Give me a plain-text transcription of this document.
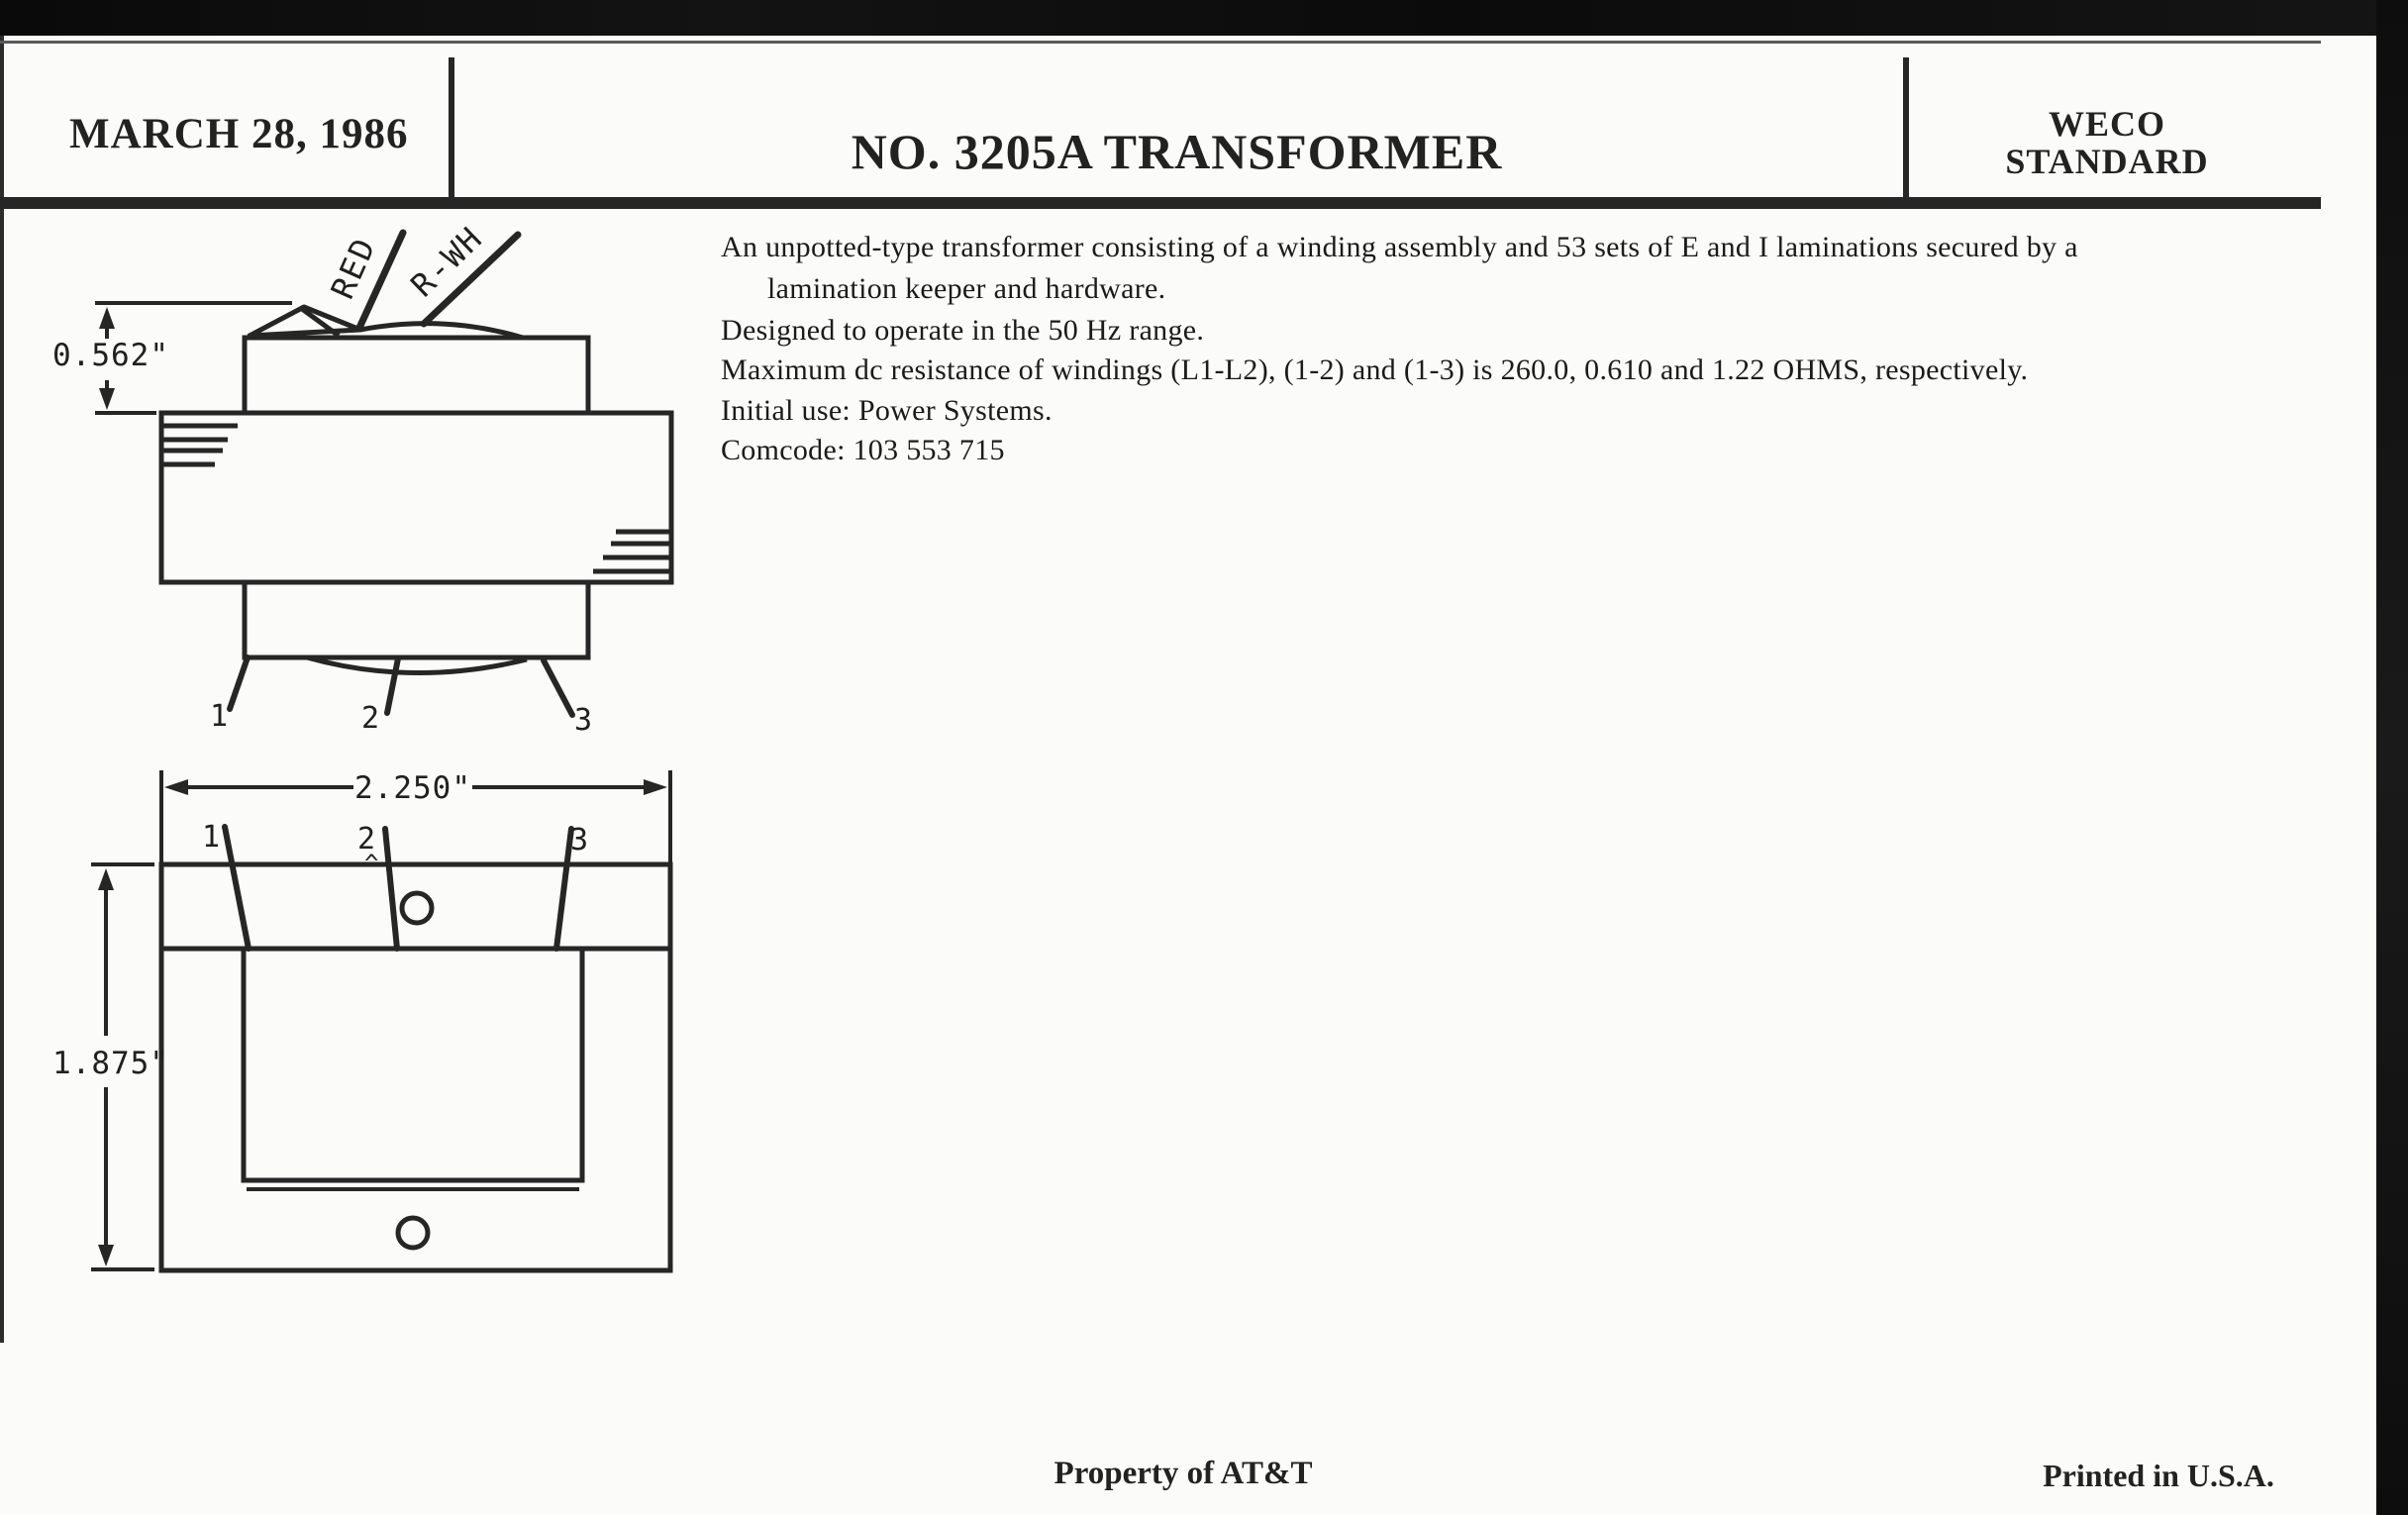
MARCH 28, 1986	NO. 3205A TRANSFORMER	WECO
STANDARD
An unpotted-type transformer consisting of a winding assembly and 53 sets of E and I laminations secured by a
lamination keeper and hardware.
Designed to operate in the 50 Hz range.
Maximum dc resistance of windings (L1-L2), (1-2) and (1-3) is 260.0, 0.610 and 1.22 OHMS, respectively.
Initial use: Power Systems.
Comcode: 103 553 715
RED R-WH
1	2	3
0.562"
1	2	3
^
2.250"
1.875"
Property of AT&T	Printed in U.S.A.
